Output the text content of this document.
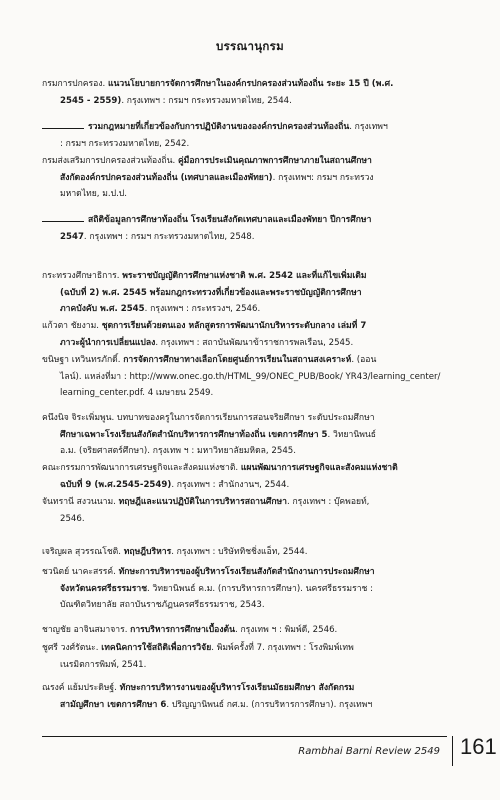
บรรณานุกรม
กรมการปกครอง. แนวนโยบายการจัดการศึกษาในองค์กรปกครองส่วนท้องถิ่น ระยะ 15 ปี (พ.ศ.
2545 - 2559). กรุงเทพฯ : กรมฯ กระทรวงมหาดไทย, 2544.
รวมกฎหมายที่เกี่ยวข้องกับการปฏิบัติงานขององค์กรปกครองส่วนท้องถิ่น. กรุงเทพฯ
: กรมฯ กระทรวงมหาดไทย, 2542.
กรมส่งเสริมการปกครองส่วนท้องถิ่น. คู่มือการประเมินคุณภาพการศึกษาภายในสถานศึกษา
สังกัดองค์กรปกครองส่วนท้องถิ่น (เทศบาลและเมืองพัทยา). กรุงเทพฯ: กรมฯ กระทรวง
มหาดไทย, ม.ป.ป.
สถิติข้อมูลการศึกษาท้องถิ่น โรงเรียนสังกัดเทศบาลและเมืองพัทยา ปีการศึกษา
2547. กรุงเทพฯ : กรมฯ กระทรวงมหาดไทย, 2548.
กระทรวงศึกษาธิการ. พระราชบัญญัติการศึกษาแห่งชาติ พ.ศ. 2542 และที่แก้ไขเพิ่มเติม
(ฉบับที่ 2) พ.ศ. 2545 พร้อมกฎกระทรวงที่เกี่ยวข้องและพระราชบัญญัติการศึกษา
ภาคบังคับ พ.ศ. 2545. กรุงเทพฯ : กระทรวงฯ, 2546.
แก้วตา ชัยงาม. ชุดการเรียนด้วยตนเอง หลักสูตรการพัฒนานักบริหารระดับกลาง เล่มที่ 7
ภาวะผู้นำการเปลี่ยนแปลง. กรุงเทพฯ : สถาบันพัฒนาข้าราชการพลเรือน, 2545.
ขนิษฐา เหวินทรภักดิ์. การจัดการศึกษาทางเลือกโดยศูนย์การเรียนในสถานสงเคราะห์. (ออน
ไลน์). แหล่งที่มา : http://www.onec.go.th/HTML_99/ONEC_PUB/Book/ YR43/learning_center/
learning_center.pdf. 4 เมษายน 2549.
คนึงนิจ จิระเพิ่มพูน. บทบาทของครูในการจัดการเรียนการสอนจริยศึกษา ระดับประถมศึกษา
ศึกษาเฉพาะโรงเรียนสังกัดสำนักบริหารการศึกษาท้องถิ่น เขตการศึกษา 5. วิทยานิพนธ์
อ.ม. (จริยศาสตร์ศึกษา). กรุงเทพ ฯ : มหาวิทยาลัยมหิดล, 2545.
คณะกรรมการพัฒนาการเศรษฐกิจและสังคมแห่งชาติ. แผนพัฒนาการเศรษฐกิจและสังคมแห่งชาติ
ฉบับที่ 9 (พ.ศ.2545-2549). กรุงเทพฯ : สำนักงานฯ, 2544.
จันทรานี สงวนนาม. ทฤษฎีและแนวปฏิบัติในการบริหารสถานศึกษา. กรุงเทพฯ : บุ๊คพอยท์,
2546.
เจริญผล สุวรรณโชติ. ทฤษฎีบริหาร. กรุงเทพฯ : บริษัททิชชิ่งแอ็ท, 2544.
ชวนิตย์ นาคะสรรค์. ทักษะการบริหารของผู้บริหารโรงเรียนสังกัดสำนักงานการประถมศึกษา
จังหวัดนครศรีธรรมราช. วิทยานิพนธ์ ค.ม. (การบริหารการศึกษา). นครศรีธรรมราช :
บัณฑิตวิทยาลัย สถาบันราชภัฏนครศรีธรรมราช, 2543.
ชาญชัย อาจินสมาจาร. การบริหารการศึกษาเบื้องต้น. กรุงเทพ ฯ : พิมพ์ดี, 2546.
ชูศรี วงศ์รัตนะ. เทคนิคการใช้สถิติเพื่อการวิจัย. พิมพ์ครั้งที่ 7. กรุงเทพฯ : โรงพิมพ์เทพ
เนรมิตการพิมพ์, 2541.
ณรงค์ แย้มประดิษฐ์. ทักษะการบริหารงานของผู้บริหารโรงเรียนมัธยมศึกษา สังกัดกรม
สามัญศึกษา เขตการศึกษา 6. ปริญญานิพนธ์ กศ.ม. (การบริหารการศึกษา). กรุงเทพฯ
Rambhai Barni Review 2549 161
